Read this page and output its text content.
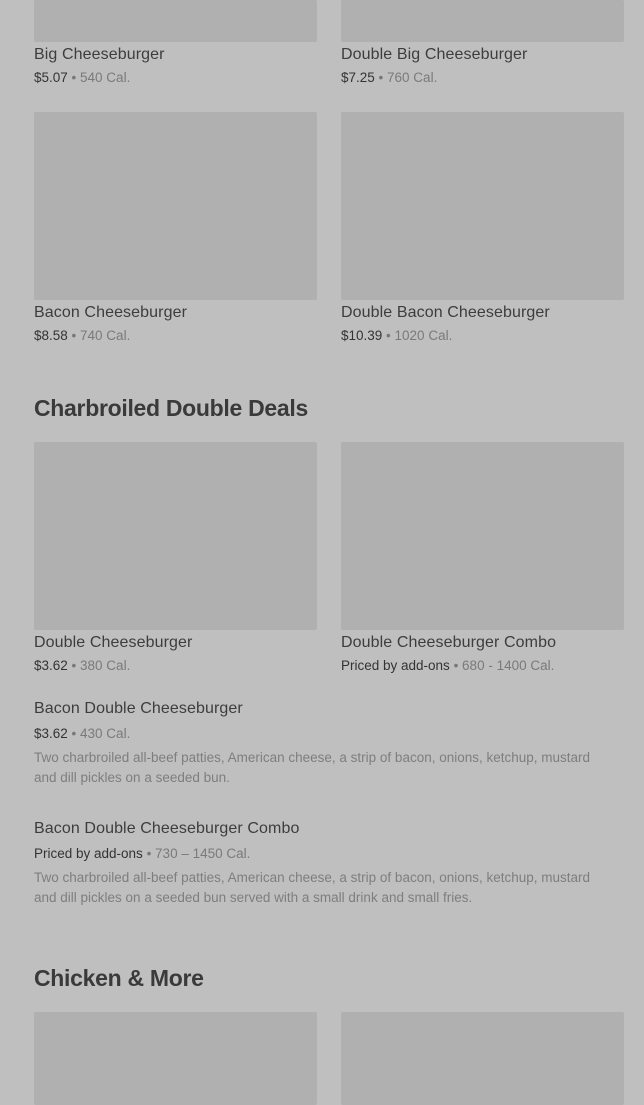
Big Cheeseburger
$5.07 • 540 Cal.
Double Big Cheeseburger
$7.25 • 760 Cal.
Bacon Cheeseburger
$8.58 • 740 Cal.
Double Bacon Cheeseburger
$10.39 • 1020 Cal.
Charbroiled Double Deals
Double Cheeseburger
$3.62 • 380 Cal.
Double Cheeseburger Combo
Priced by add-ons • 680 - 1400 Cal.
Bacon Double Cheeseburger
$3.62 • 430 Cal.
Two charbroiled all-beef patties, American cheese, a strip of bacon, onions, ketchup, mustard and dill pickles on a seeded bun.
Bacon Double Cheeseburger Combo
Priced by add-ons • 730 – 1450 Cal.
Two charbroiled all-beef patties, American cheese, a strip of bacon, onions, ketchup, mustard and dill pickles on a seeded bun served with a small drink and small fries.
Chicken & More
